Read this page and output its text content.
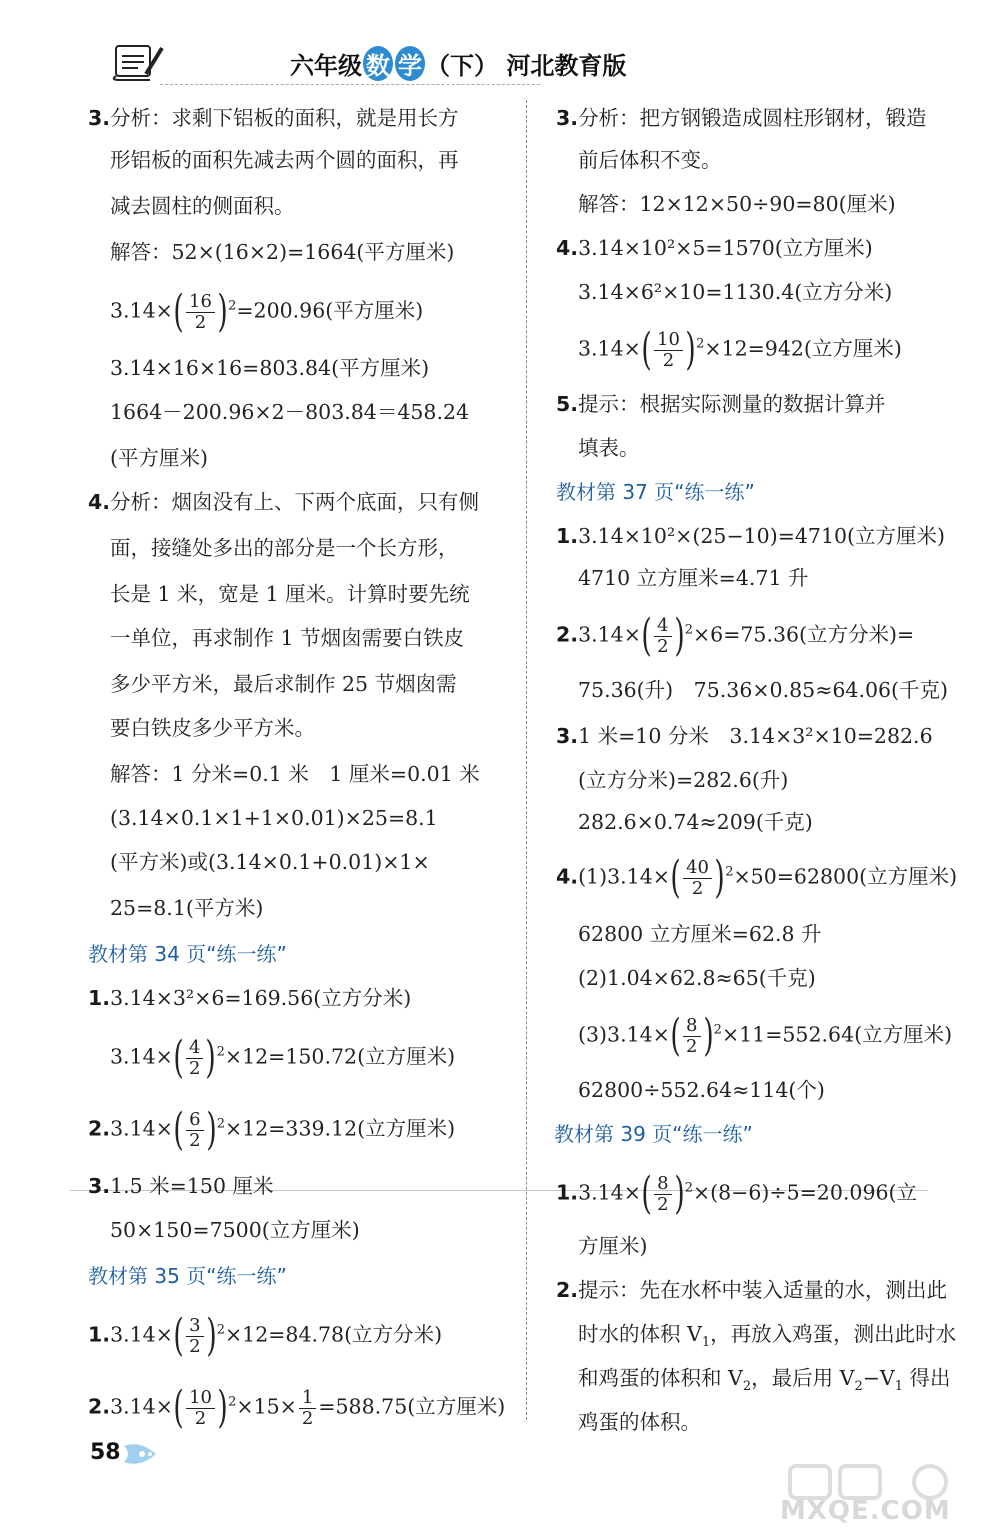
六年级 数 学 （下） 河北教育版
3.分析：求剩下铝板的面积，就是用长方
形铝板的面积先减去两个圆的面积，再
减去圆柱的侧面积。
解答：52×(16×2)=1664(平方厘米)
$3.14\times( \frac{16}{2} )^2=200.96$(平方厘米)
3.14×16×16=803.84(平方厘米)
1664－200.96×2－803.84＝458.24
(平方厘米)
4.分析：烟囱没有上、下两个底面，只有侧
面，接缝处多出的部分是一个长方形，
长是 1 米，宽是 1 厘米。计算时要先统
一单位，再求制作 1 节烟囱需要白铁皮
多少平方米，最后求制作 25 节烟囱需
要白铁皮多少平方米。
解答：1 分米=0.1 米　1 厘米=0.01 米
(3.14×0.1×1+1×0.01)×25=8.1
(平方米)或(3.14×0.1+0.01)×1×
25=8.1(平方米)
教材第 34 页“练一练”
1.3.14×3²×6=169.56(立方分米)
$3.14\times( \frac{4}{2} )^2\times 12=150.72$(立方厘米)
$2.3.14\times( \frac{6}{2} )^2\times 12=339.12$(立方厘米)
3.1.5 米=150 厘米
50×150=7500(立方厘米)
教材第 35 页“练一练”
$1.3.14\times( \frac{3}{2} )^2\times 12=84.78$(立方分米)
$2.3.14\times( \frac{10}{2} )^2\times 15\times \frac{1}{2} =588.75$(立方厘米)
3.分析：把方钢锻造成圆柱形钢材，锻造
前后体积不变。
解答：12×12×50÷90=80(厘米)
4.3.14×10²×5=1570(立方厘米)
3.14×6²×10=1130.4(立方分米)
$3.14\times( \frac{10}{2} )^2\times 12=942$(立方厘米)
5.提示：根据实际测量的数据计算并
填表。
教材第 37 页“练一练”
1.3.14×10²×(25−10)=4710(立方厘米)
4710 立方厘米=4.71 升
$2.3.14\times( \frac{4}{2} )^2\times 6=75.36$(立方分米)=
75.36(升)　75.36×0.85≈64.06(千克)
3.1 米=10 分米　3.14×3²×10=282.6
(立方分米)=282.6(升)
282.6×0.74≈209(千克)
$4.(1)3.14\times( \frac{40}{2} )^2\times 50=62800$(立方厘米)
62800 立方厘米=62.8 升
(2)1.04×62.8≈65(千克)
$(3)3.14\times( \frac{8}{2} )^2\times 11=552.64$(立方厘米)
62800÷552.64≈114(个)
教材第 39 页“练一练”
$1.3.14\times( \frac{8}{2} )^2\times(8-6)\div 5=20.096$(立
方厘米)
2.提示：先在水杯中装入适量的水，测出此
时水的体积 $V_1$，再放入鸡蛋，测出此时水
和鸡蛋的体积和 $V_2$，最后用 $V_2-V_1$ 得出
鸡蛋的体积。
58
MXQE.COM
